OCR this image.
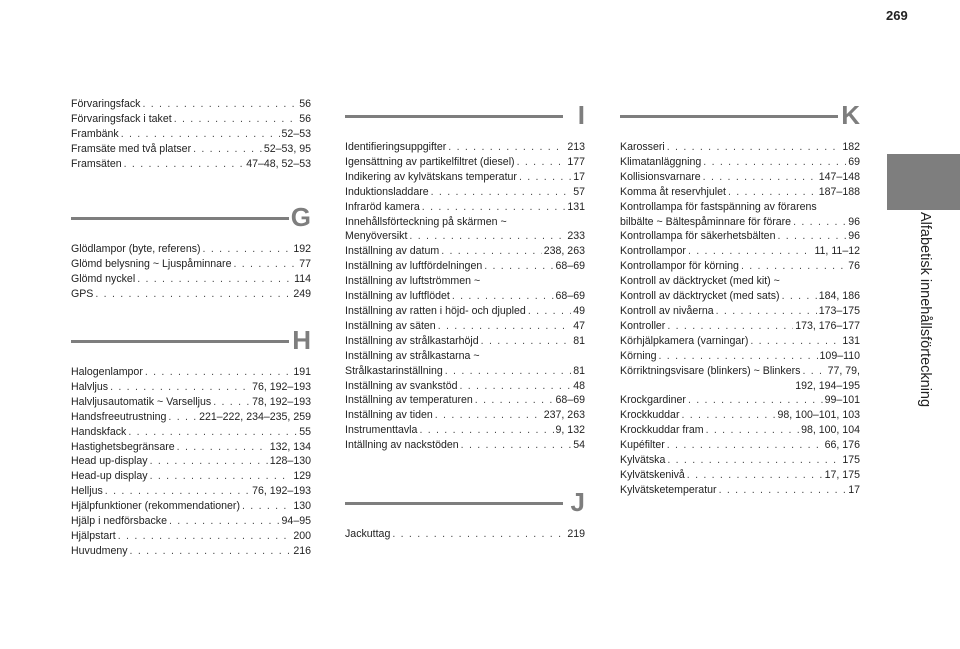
269
Alfabetisk innehållsförteckning
Förvaringsfack . . .	56
Förvaringsfack i taket . . .	56
Frambänk . . .	52–53
Framsäte med två platser . . .	52–53, 95
Framsäten . . .	47–48, 52–53
G
Glödlampor (byte, referens) . . .	192
Glömd belysning ~ Ljuspåminnare . . .	77
Glömd nyckel . . .	114
GPS . . .	249
H
Halogenlampor . . .	191
Halvljus . . .	76, 192–193
Halvljusautomatik ~ Varselljus . . .	78, 192–193
Handsfreeutrustning . . .	221–222, 234–235, 259
Handskfack . . .	55
Hastighetsbegränsare . . .	132, 134
Head up-display . . .	128–130
Head-up display . . .	129
Helljus . . .	76, 192–193
Hjälpfunktioner (rekommendationer) . . .	130
Hjälp i nedförsbacke . . .	94–95
Hjälpstart . . .	200
Huvudmeny . . .	216
I
Identifieringsuppgifter . . .	213
Igensättning av partikelfiltret (diesel) . . .	177
Indikering av kylvätskans temperatur . . .	17
Induktionsladdare . . .	57
Infraröd kamera . . .	131
Innehållsförteckning på skärmen ~
Menyöversikt . . .	233
Inställning av datum . . .	238, 263
Inställning av luftfördelningen . . .	68–69
Inställning av luftströmmen ~
Inställning av luftflödet . . .	68–69
Inställning av ratten i höjd- och djupled . . .	49
Inställning av säten . . .	47
Inställning av strålkastarhöjd . . .	81
Inställning av strålkastarna ~
Strålkastarinställning . . .	81
Inställning av svankstöd . . .	48
Inställning av temperaturen . . .	68–69
Inställning av tiden . . .	237, 263
Instrumenttavla . . .	9, 132
Intällning av nackstöden . . .	54
J
Jackuttag . . .	219
K
Karosseri . . .	182
Klimatanläggning . . .	69
Kollisionsvarnare . . .	147–148
Komma åt reservhjulet . . .	187–188
Kontrollampa för fastspänning av förarens
bilbälte ~ Bältespåminnare för förare . . .	96
Kontrollampa för säkerhetsbälten . . .	96
Kontrollampor . . .	11, 11–12
Kontrollampor för körning . . .	76
Kontroll av däcktrycket (med kit) ~
Kontroll av däcktrycket (med sats) . . .	184, 186
Kontroll av nivåerna . . .	173–175
Kontroller . . .	173, 176–177
Körhjälpkamera (varningar) . . .	131
Körning . . .	109–110
Körriktningsvisare (blinkers) ~ Blinkers . . .	77, 79,
192, 194–195
Krockgardiner . . .	99–101
Krockkuddar . . .	98, 100–101, 103
Krockkuddar fram . . .	98, 100, 104
Kupéfilter . . .	66, 176
Kylvätska . . .	175
Kylvätskenivå . . .	17, 175
Kylvätsketemperatur . . .	17
